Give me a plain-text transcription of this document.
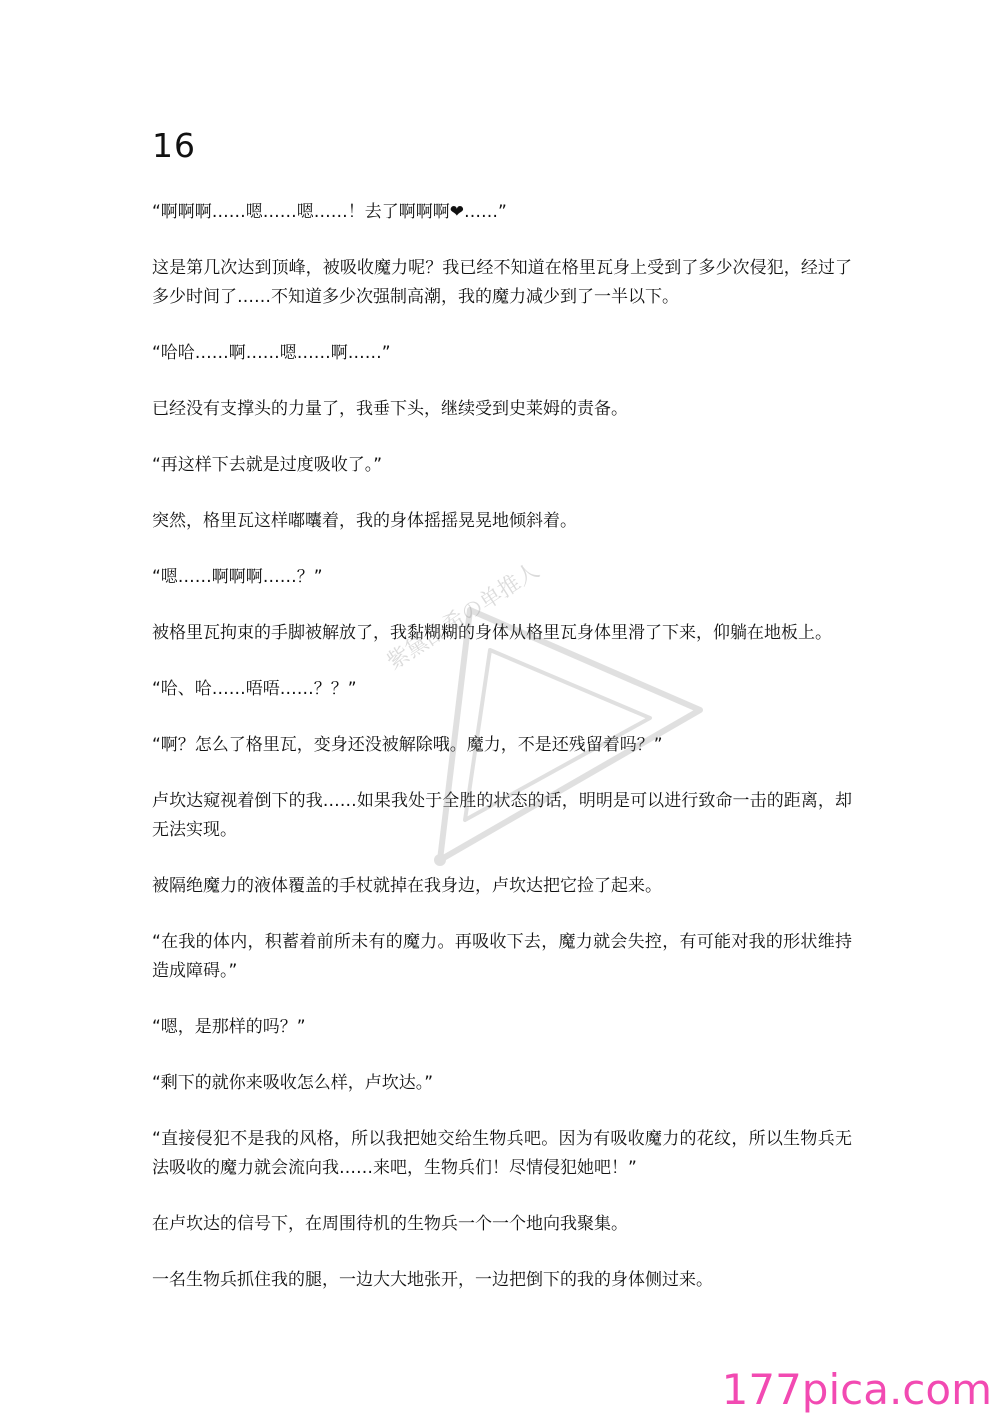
16

“啊啊啊……嗯……嗯……！去了啊啊啊❤……”

这是第几次达到顶峰，被吸收魔力呢？我已经不知道在格里瓦身上受到了多少次侵犯，经过了多少时间了……不知道多少次强制高潮，我的魔力减少到了一半以下。

“哈哈……啊……嗯……啊……”

已经没有支撑头的力量了，我垂下头，继续受到史莱姆的责备。

“再这样下去就是过度吸收了。”

突然，格里瓦这样嘟囔着，我的身体摇摇晃晃地倾斜着。

“嗯……啊啊啊……？”

被格里瓦拘束的手脚被解放了，我黏糊糊的身体从格里瓦身体里滑了下来，仰躺在地板上。

“哈、哈……唔唔……？？”

“啊？怎么了格里瓦，变身还没被解除哦。魔力，不是还残留着吗？”

卢坎达窥视着倒下的我……如果我处于全胜的状态的话，明明是可以进行致命一击的距离，却无法实现。

被隔绝魔力的液体覆盖的手杖就掉在我身边，卢坎达把它捡了起来。

“在我的体内，积蓄着前所未有的魔力。再吸收下去，魔力就会失控，有可能对我的形状维持造成障碍。”

“嗯，是那样的吗？”

“剩下的就你来吸收怎么样，卢坎达。”

“直接侵犯不是我的风格，所以我把她交给生物兵吧。因为有吸收魔力的花纹，所以生物兵无法吸收的魔力就会流向我……来吧，生物兵们！尽情侵犯她吧！”

在卢坎达的信号下，在周围待机的生物兵一个一个地向我聚集。

一名生物兵抓住我的腿，一边大大地张开，一边把倒下的我的身体侧过来。

紫黛乱希の单推人
177pica.com
